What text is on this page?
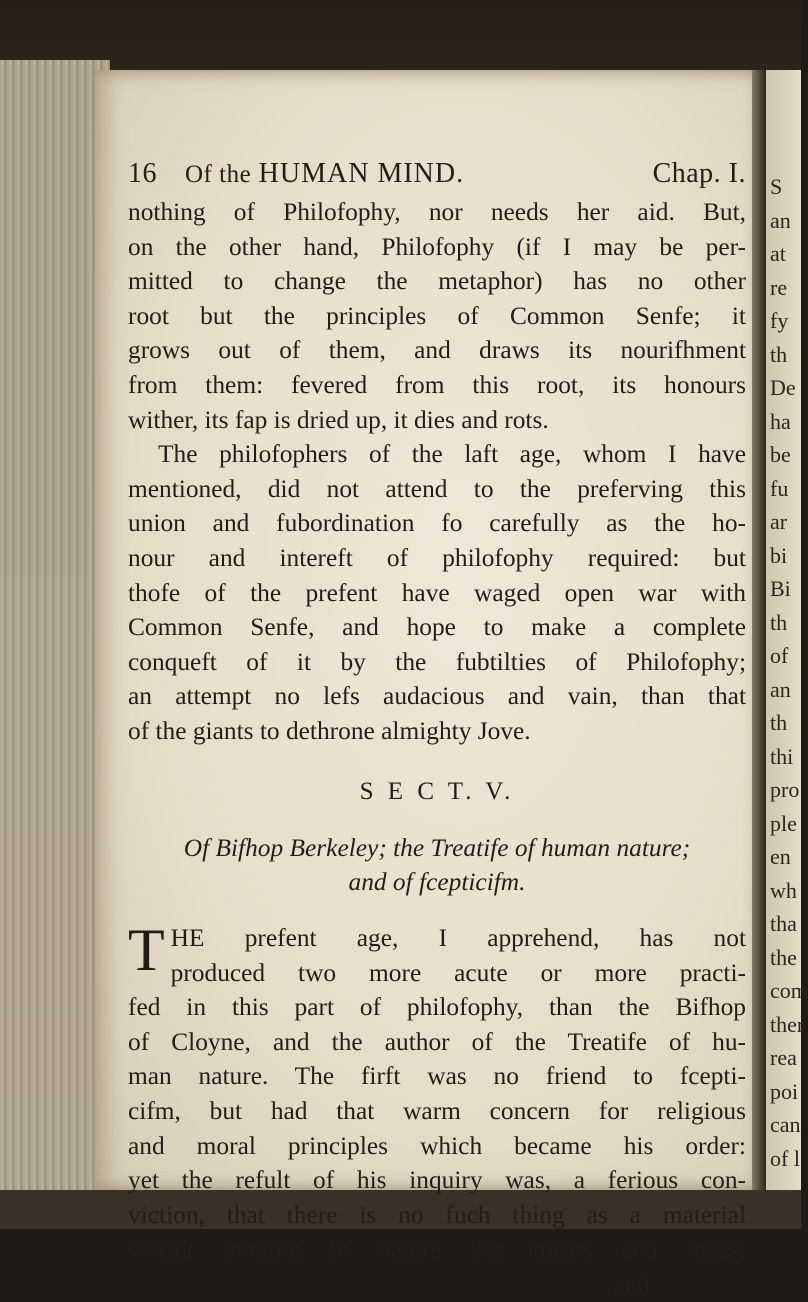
S
an
at
re
fy
th
De
ha
be
fu
ar
bi
Bi
th
of
an
th
thi
pro
ple
en
wh
tha
the
com
ther
rea
poi
can
of l
16 Of the HUMAN MIND.	Chap. I.
nothing of Philofophy, nor needs her aid. But,
on the other hand, Philofophy (if I may be per-
mitted to change the metaphor) has no other
root but the principles of Common Senfe; it
grows out of them, and draws its nourifhment
from them: fevered from this root, its honours
wither, its fap is dried up, it dies and rots.
The philofophers of the laft age, whom I have
mentioned, did not attend to the preferving this
union and fubordination fo carefully as the ho-
nour and intereft of philofophy required: but
thofe of the prefent have waged open war with
Common Senfe, and hope to make a complete
conqueft of it by the fubtilties of Philofophy;
an attempt no lefs audacious and vain, than that
of the giants to dethrone almighty Jove.
S E C T. V.
Of Bifhop Berkeley; the Treatife of human nature;
and of fcepticifm.
T HE prefent age, I apprehend, has not
produced two more acute or more practi-
fed in this part of philofophy, than the Bifhop
of Cloyne, and the author of the Treatife of hu-
man nature. The firft was no friend to fcepti-
cifm, but had that warm concern for religious
and moral principles which became his order:
yet the refult of his inquiry was, a ferious con-
viction, that there is no fuch thing as a material
world; nothing in nature but fpirits and ideas;
and
